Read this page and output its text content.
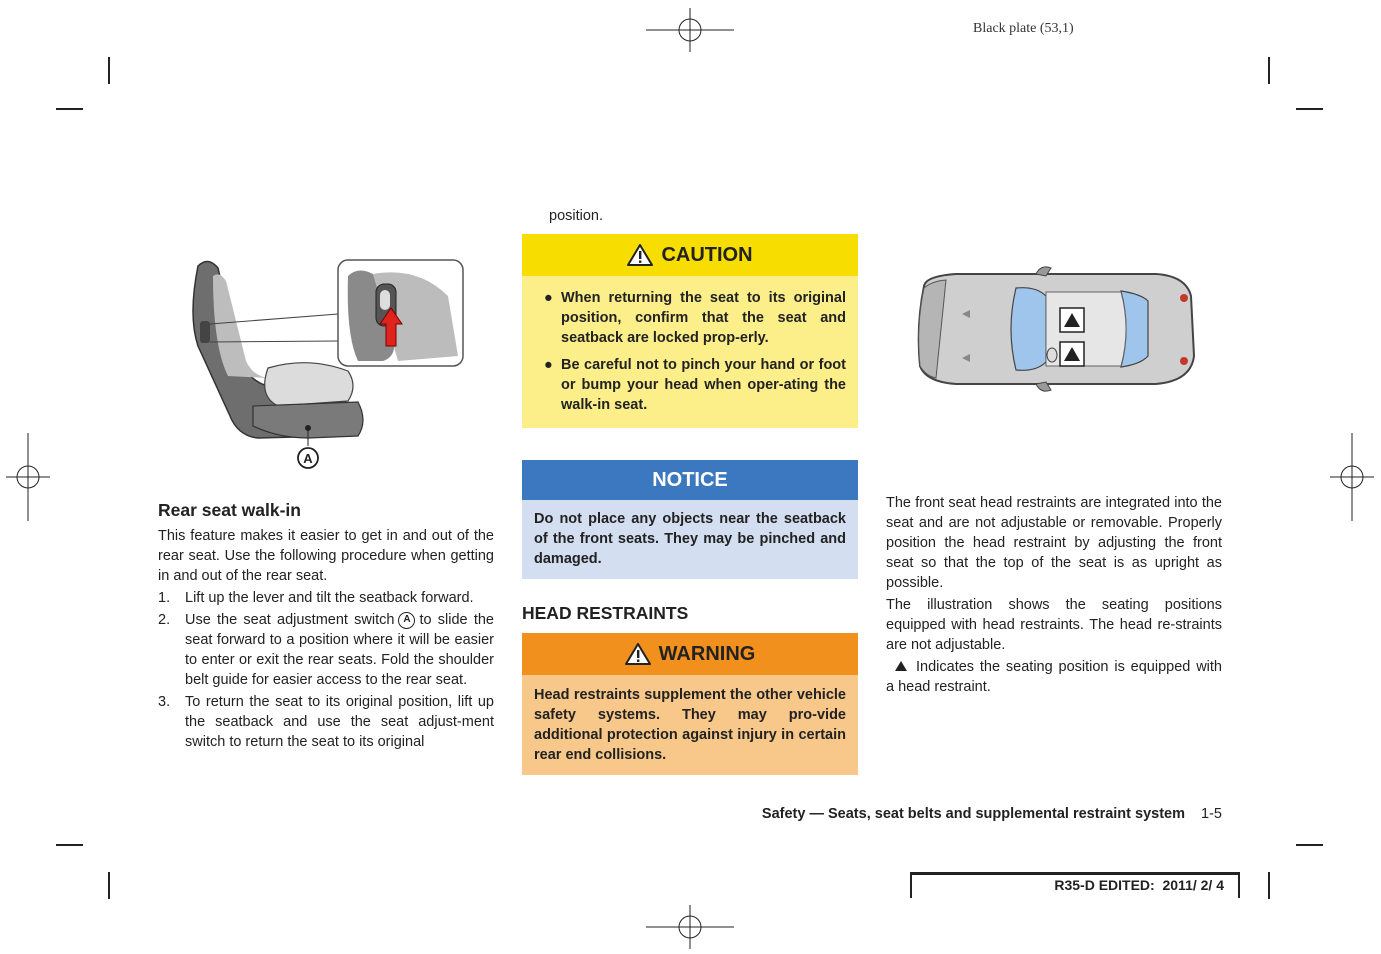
Black plate (53,1)
A
Rear seat walk-in

This feature makes it easier to get in and out of the rear seat. Use the following procedure when getting in and out of the rear seat.

1.	Lift up the lever and tilt the seatback forward.
2.	Use the seat adjustment switch A to slide the seat forward to a position where it will be easier to enter or exit the rear seats. Fold the shoulder belt guide for easier access to the rear seat.
3.	To return the seat to its original position, lift up the seatback and use the seat adjust-ment switch to return the seat to its original
position.
CAUTION
● When returning the seat to its original position, confirm that the seat and seatback are locked prop-erly.
● Be careful not to pinch your hand or foot or bump your head when oper-ating the walk-in seat.
NOTICE
Do not place any objects near the seatback of the front seats. They may be pinched and damaged.
HEAD RESTRAINTS
WARNING
Head restraints supplement the other vehicle safety systems. They may pro-vide additional protection against injury in certain rear end collisions.

The front seat head restraints are integrated into the seat and are not adjustable or removable. Properly position the head restraint by adjusting the front seat so that the top of the seat is as upright as possible.

The illustration shows the seating positions equipped with head restraints. The head re-straints are not adjustable.

Indicates the seating position is equipped with a head restraint.

Safety — Seats, seat belts and supplemental restraint system 1-5
R35-D EDITED:  2011/ 2/ 4
